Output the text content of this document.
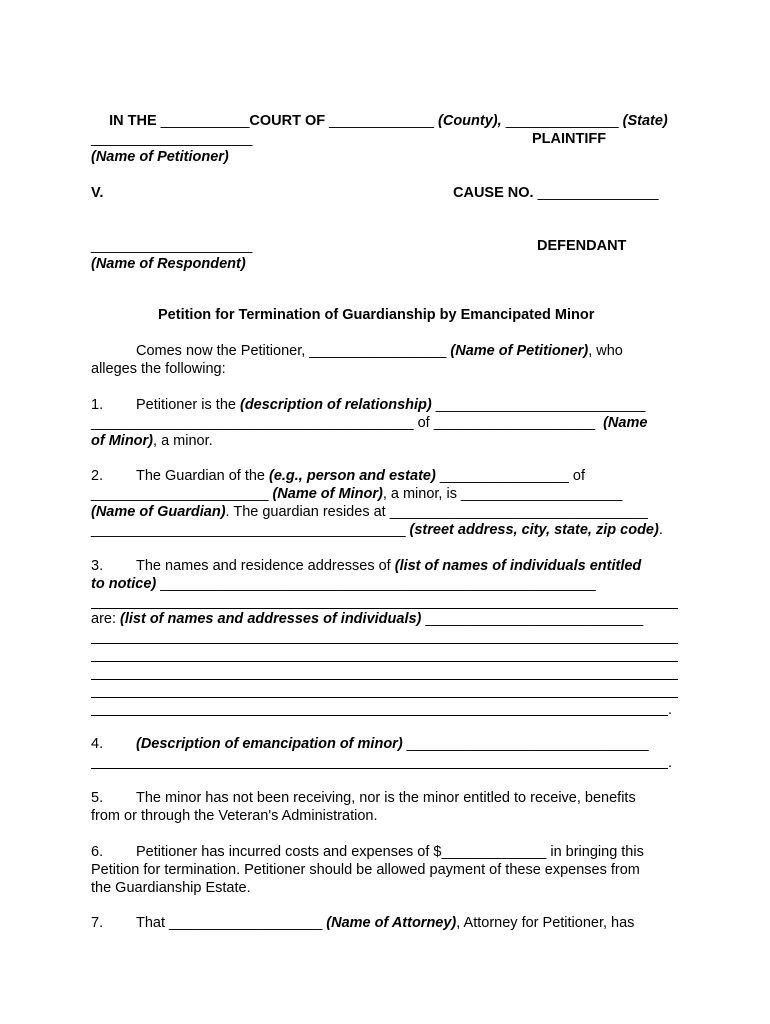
IN THE ___________COURT OF _____________ (County), ______________ (State)

____________________	PLAINTIFF
(Name of Petitioner)
V.	CAUSE NO. _______________
____________________	DEFENDANT
(Name of Respondent)
Petition for Termination of Guardianship by Emancipated Minor
Comes now the Petitioner, _________________ (Name of Petitioner), who
alleges the following:
1. Petitioner is the (description of relationship) __________________________
________________________________________ of ____________________  (Name
of Minor), a minor.
2. The Guardian of the (e.g., person and estate) ________________ of
______________________ (Name of Minor), a minor, is ____________________
(Name of Guardian). The guardian resides at ________________________________
_______________________________________ (street address, city, state, zip code).
3. The names and residence addresses of (list of names of individuals entitled
to notice) ______________________________________________________
are: (list of names and addresses of individuals) ___________________________
.
4. (Description of emancipation of minor) ______________________________
.
5. The minor has not been receiving, nor is the minor entitled to receive, benefits
from or through the Veteran's Administration.
6. Petitioner has incurred costs and expenses of $_____________ in bringing this
Petition for termination. Petitioner should be allowed payment of these expenses from
the Guardianship Estate.
7. That ___________________ (Name of Attorney), Attorney for Petitioner, has
